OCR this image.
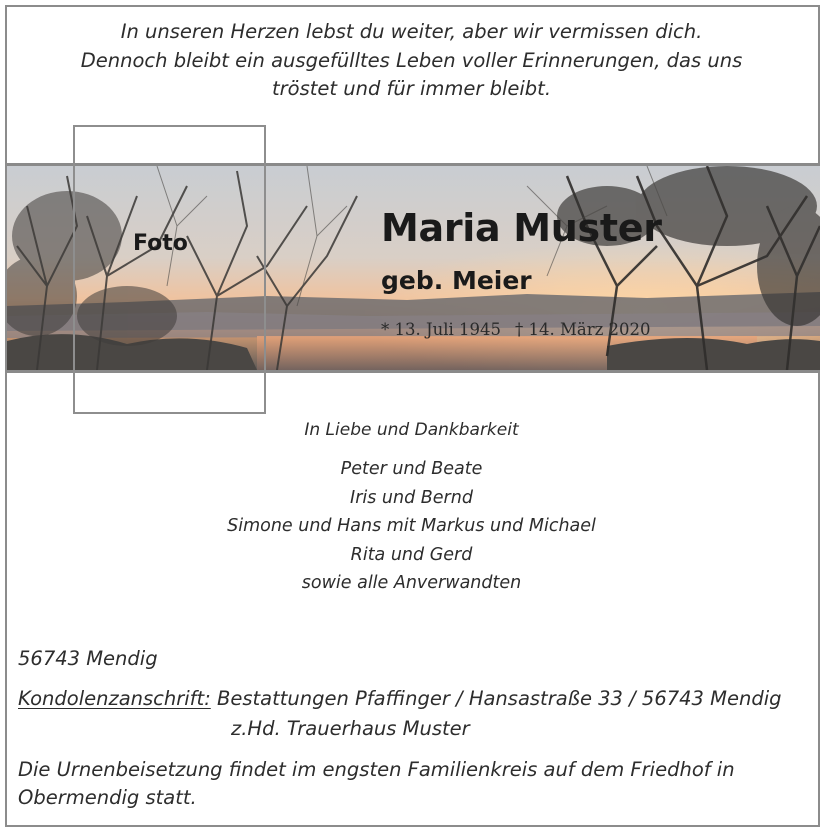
In unseren Herzen lebst du weiter, aber wir vermissen dich.
Dennoch bleibt ein ausgefülltes Leben voller Erinnerungen, das uns
tröstet und für immer bleibt.
Foto	Maria Muster
geb. Meier
* 13. Juli 1945 † 14. März 2020
In Liebe und Dankbarkeit
Peter und Beate
Iris und Bernd
Simone und Hans mit Markus und Michael
Rita und Gerd
sowie alle Anverwandten
56743 Mendig
Kondolenzanschrift: Bestattungen Pfaffinger / Hansastraße 33 / 56743 Mendig
z.Hd. Trauerhaus Muster
Die Urnenbeisetzung findet im engsten Familienkreis auf dem Friedhof in
Obermendig statt.
